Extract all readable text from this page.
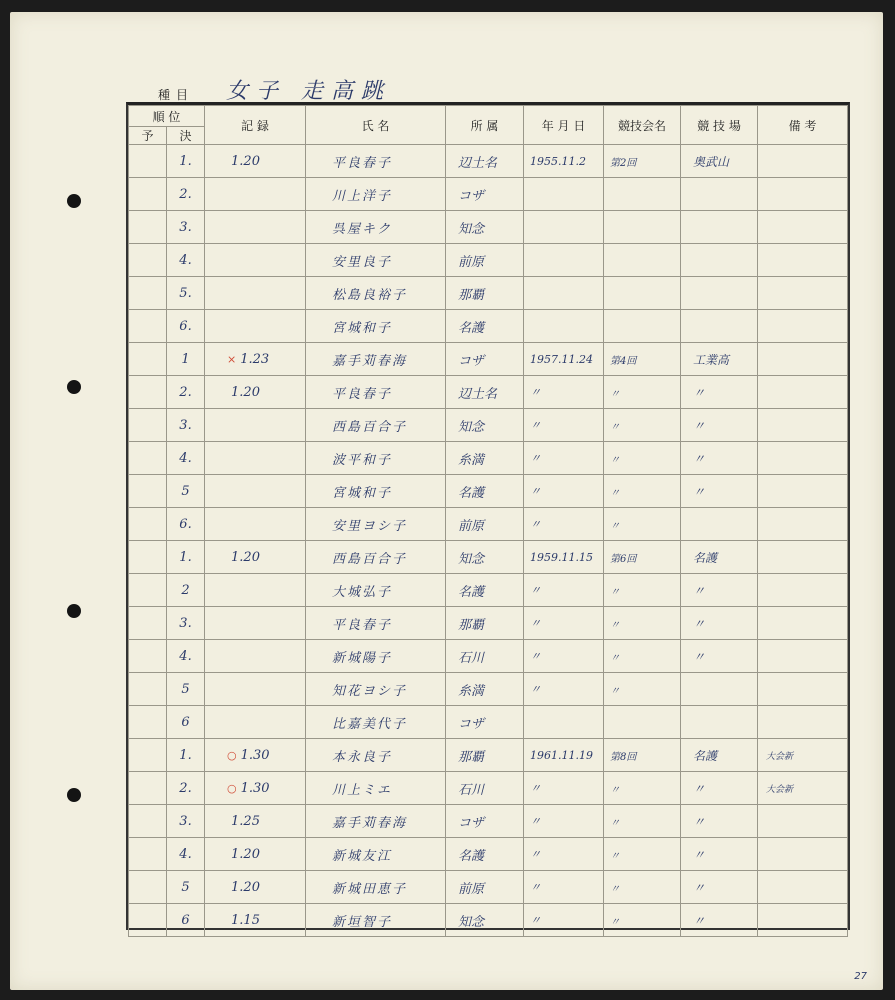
種目 女子 走高跳
27
順 位		記 録	氏 名	所 属	年 月 日	競技会名	競 技 場	備 考
予	決							
	1.	1.20	平良春子	辺土名	1955.11.2	第2回	奥武山	
	2.		川上洋子	コザ				
	3.		呉屋キク	知念				
	4.		安里良子	前原				
	5.		松島良裕子	那覇				
	6.		宮城和子	名護				
	1	× 1.23	嘉手苅春海	コザ	1957.11.24	第4回	工業高	
	2.	1.20	平良春子	辺土名	〃	〃	〃	
	3.		西島百合子	知念	〃	〃	〃	
	4.		波平和子	糸満	〃	〃	〃	
	5		宮城和子	名護	〃	〃	〃	
	6.		安里ヨシ子	前原	〃	〃		
	1.	1.20	西島百合子	知念	1959.11.15	第6回	名護	
	2		大城弘子	名護	〃	〃	〃	
	3.		平良春子	那覇	〃	〃	〃	
	4.		新城陽子	石川	〃	〃	〃	
	5		知花ヨシ子	糸満	〃	〃		
	6		比嘉美代子	コザ				
	1.	○ 1.30	本永良子	那覇	1961.11.19	第8回	名護	大会新
	2.	○ 1.30	川上ミエ	石川	〃	〃	〃	大会新
	3.	1.25	嘉手苅春海	コザ	〃	〃	〃	
	4.	1.20	新城友江	名護	〃	〃	〃	
	5	1.20	新城田恵子	前原	〃	〃	〃	
	6	1.15	新垣智子	知念	〃	〃	〃	
